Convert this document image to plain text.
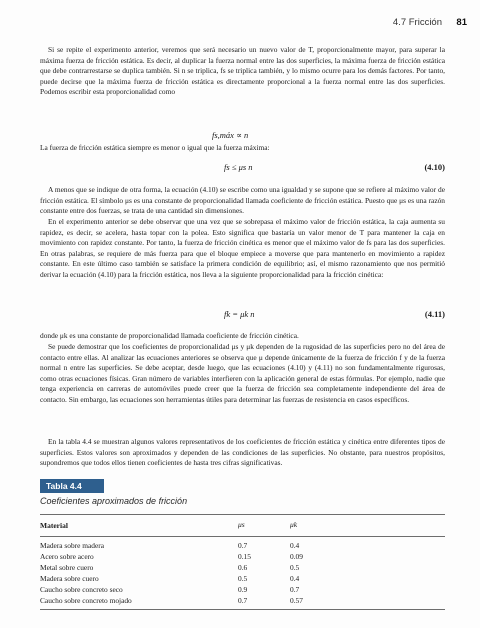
4.7 Fricción 81

Si se repite el experimento anterior, veremos que será necesario un nuevo valor de T, proporcionalmente mayor, para superar la máxima fuerza de fricción estática. Es decir, al duplicar la fuerza normal entre las dos superficies, la máxima fuerza de fricción estática que debe contrarrestarse se duplica también. Si n se triplica, fs se triplica también, y lo mismo ocurre para los demás factores. Por tanto, puede decirse que la máxima fuerza de fricción estática es directamente proporcional a la fuerza normal entre las dos superficies. Podemos escribir esta proporcionalidad como

fs,máx ∝ n

La fuerza de fricción estática siempre es menor o igual que la fuerza máxima:

fs ≤ μs n	(4.10)

A menos que se indique de otra forma, la ecuación (4.10) se escribe como una igualdad y se supone que se refiere al máximo valor de fricción estática. El símbolo μs es una constante de proporcionalidad llamada coeficiente de fricción estática. Puesto que μs es una razón constante entre dos fuerzas, se trata de una cantidad sin dimensiones.

En el experimento anterior se debe observar que una vez que se sobrepasa el máximo valor de fricción estática, la caja aumenta su rapidez, es decir, se acelera, hasta topar con la polea. Esto significa que bastaría un valor menor de T para mantener la caja en movimiento con rapidez constante. Por tanto, la fuerza de fricción cinética es menor que el máximo valor de fs para las dos superficies. En otras palabras, se requiere de más fuerza para que el bloque empiece a moverse que para mantenerlo en movimiento a rapidez constante. En este último caso también se satisface la primera condición de equilibrio; así, el mismo razonamiento que nos permitió derivar la ecuación (4.10) para la fricción estática, nos lleva a la siguiente proporcionalidad para la fricción cinética:

fk = μk n	(4.11)

donde μk es una constante de proporcionalidad llamada coeficiente de fricción cinética.

Se puede demostrar que los coeficientes de proporcionalidad μs y μk dependen de la rugosidad de las superficies pero no del área de contacto entre ellas. Al analizar las ecuaciones anteriores se observa que μ depende únicamente de la fuerza de fricción f y de la fuerza normal n entre las superficies. Se debe aceptar, desde luego, que las ecuaciones (4.10) y (4.11) no son fundamentalmente rigurosas, como otras ecuaciones físicas. Gran número de variables interfieren con la aplicación general de estas fórmulas. Por ejemplo, nadie que tenga experiencia en carreras de automóviles puede creer que la fuerza de fricción sea completamente independiente del área de contacto. Sin embargo, las ecuaciones son herramientas útiles para determinar las fuerzas de resistencia en casos específicos.

En la tabla 4.4 se muestran algunos valores representativos de los coeficientes de fricción estática y cinética entre diferentes tipos de superficies. Estos valores son aproximados y dependen de las condiciones de las superficies. No obstante, para nuestros propósitos, supondremos que todos ellos tienen coeficientes de hasta tres cifras significativas.

Tabla 4.4
Coeficientes aproximados de fricción
Material	μs	μk
Madera sobre madera	0.7	0.4
Acero sobre acero	0.15	0.09
Metal sobre cuero	0.6	0.5
Madera sobre cuero	0.5	0.4
Caucho sobre concreto seco	0.9	0.7
Caucho sobre concreto mojado	0.7	0.57
